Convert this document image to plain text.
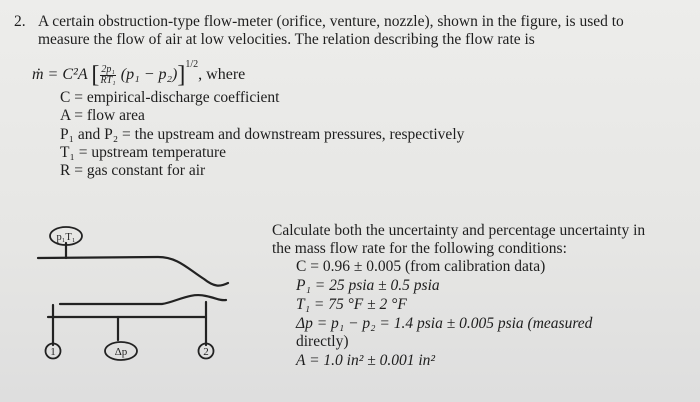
2. A certain obstruction-type flow-meter (orifice, venture, nozzle), shown in the figure, is used to
measure the flow of air at low velocities. The relation describing the flow rate is
ṁ = C²A [ $\frac{\text{2p₁}}{\text{RT₁}} (p_1 - p_2)]^{1/2}$, where
C = empirical-discharge coefficient
A = flow area
P₁ and P₂ = the upstream and downstream pressures, respectively
T₁ = upstream temperature
R = gas constant for air
p₁T₁
1	Δp	2
Calculate both the uncertainty and percentage uncertainty in
the mass flow rate for the following conditions:
C = 0.96 ± 0.005 (from calibration data)
P₁ = 25 psia ± 0.5 psia
T₁ = 75 °F ± 2 °F
Δp = p₁ − p₂ = 1.4 psia ± 0.005 psia (measured
directly)
A = 1.0 in² ± 0.001 in²
